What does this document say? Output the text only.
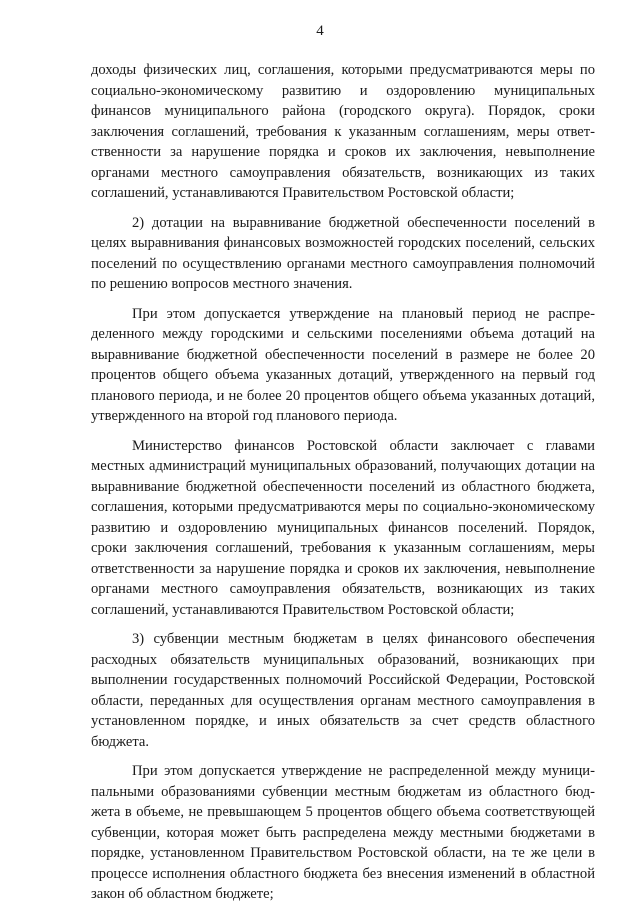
4

доходы физических лиц, соглашения, которыми предусматриваются меры по социально-экономическому развитию и оздоровлению муниципальных финансов муниципального района (городского округа). Порядок, сроки заключения соглашений, требования к указанным соглашениям, меры ответственности за нарушение порядка и сроков их заключения, невыполнение органами местного самоуправления обязательств, возникающих из таких соглашений, устанавливаются Правительством Ростовской области;

2) дотации на выравнивание бюджетной обеспеченности поселений в целях выравнивания финансовых возможностей городских поселений, сельских поселений по осуществлению органами местного самоуправления полномочий по решению вопросов местного значения.

При этом допускается утверждение на плановый период не распределенного между городскими и сельскими поселениями объема дотаций на выравнивание бюджетной обеспеченности поселений в размере не более 20 процентов общего объема указанных дотаций, утвержденного на первый год планового периода, и не более 20 процентов общего объема указанных дотаций, утвержденного на второй год планового периода.

Министерство финансов Ростовской области заключает с главами местных администраций муниципальных образований, получающих дотации на выравнивание бюджетной обеспеченности поселений из областного бюджета, соглашения, которыми предусматриваются меры по социально-экономическому развитию и оздоровлению муниципальных финансов поселений. Порядок, сроки заключения соглашений, требования к указанным соглашениям, меры ответственности за нарушение порядка и сроков их заключения, невыполнение органами местного самоуправления обязательств, возникающих из таких соглашений, устанавливаются Правительством Ростовской области;

3) субвенции местным бюджетам в целях финансового обеспечения расходных обязательств муниципальных образований, возникающих при выполнении государственных полномочий Российской Федерации, Ростовской области, переданных для осуществления органам местного самоуправления в установленном порядке, и иных обязательств за счет средств областного бюджета.

При этом допускается утверждение не распределенной между муниципальными образованиями субвенции местным бюджетам из областного бюджета в объеме, не превышающем 5 процентов общего объема соответствующей субвенции, которая может быть распределена между местными бюджетами в порядке, установленном Правительством Ростовской области, на те же цели в процессе исполнения областного бюджета без внесения изменений в областной закон об областном бюджете;
